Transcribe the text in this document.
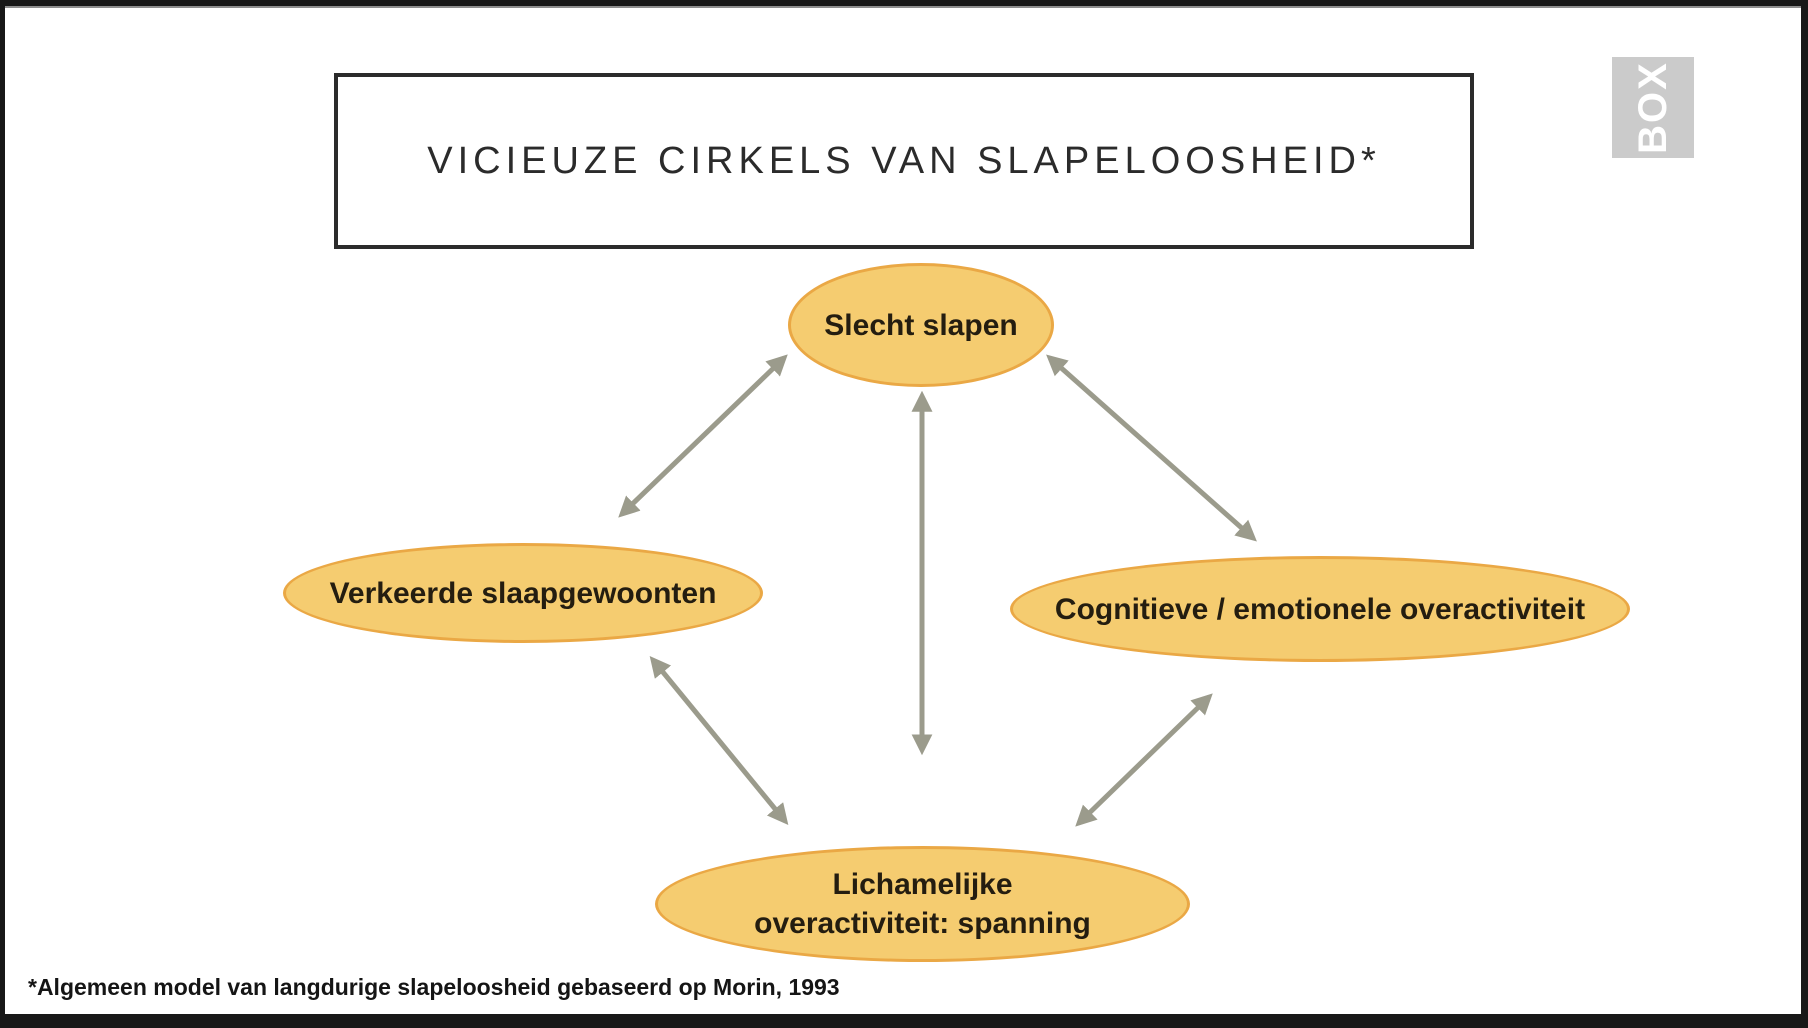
VICIEUZE CIRKELS VAN SLAPELOOSHEID*
BOX
Slecht slapen
Verkeerde slaapgewoonten	Cognitieve / emotionele overactiviteit
Lichamelijke
overactiviteit: spanning
*Algemeen model van langdurige slapeloosheid gebaseerd op Morin, 1993
